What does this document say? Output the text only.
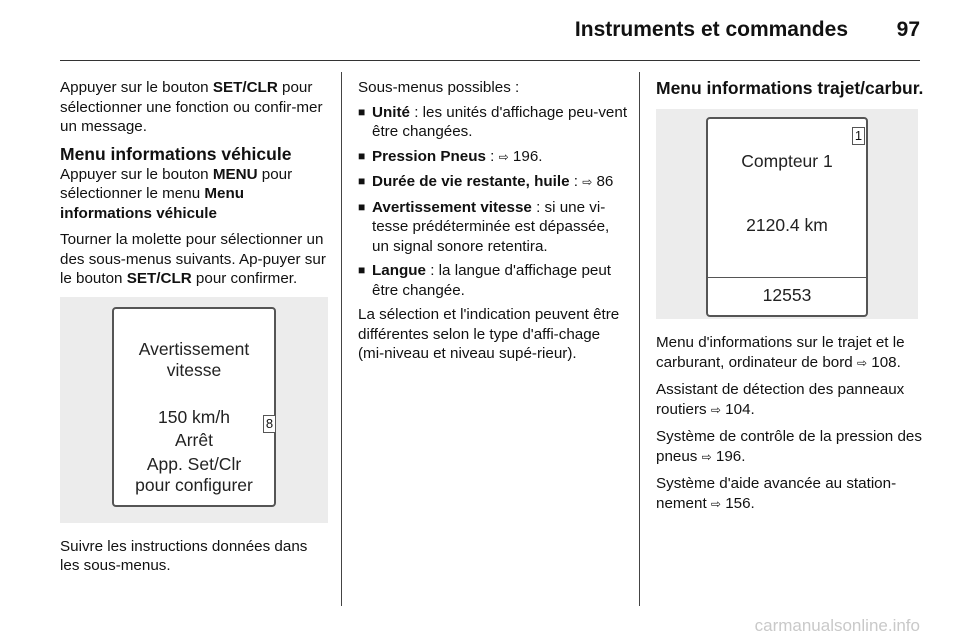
Instruments et commandes 97

Appuyer sur le bouton SET/CLR pour sélectionner une fonction ou confir-mer un message.

Menu informations véhicule

Appuyer sur le bouton MENU pour sélectionner le menu Menu informations véhicule

Tourner la molette pour sélectionner un des sous-menus suivants. Ap-puyer sur le bouton SET/CLR pour confirmer.

Avertissement
vitesse
150 km/h
Arrêt
App. Set/Clr
pour configurer
8

Suivre les instructions données dans les sous-menus.

Sous-menus possibles :

■ Unité : les unités d'affichage peu-vent être changées.
■ Pression Pneus : ⇨ 196.
■ Durée de vie restante, huile : ⇨ 86
■ Avertissement vitesse : si une vi-tesse prédéterminée est dépassée, un signal sonore retentira.
■ Langue : la langue d'affichage peut être changée.

La sélection et l'indication peuvent être différentes selon le type d'affi-chage (mi-niveau et niveau supé-rieur).

Menu informations trajet/carbur.
Compteur 1
2120.4 km
12553
1

Menu d'informations sur le trajet et le carburant, ordinateur de bord ⇨ 108.

Assistant de détection des panneaux routiers ⇨ 104.

Système de contrôle de la pression des pneus ⇨ 196.

Système d'aide avancée au station-nement ⇨ 156.

carmanualsonline.info
